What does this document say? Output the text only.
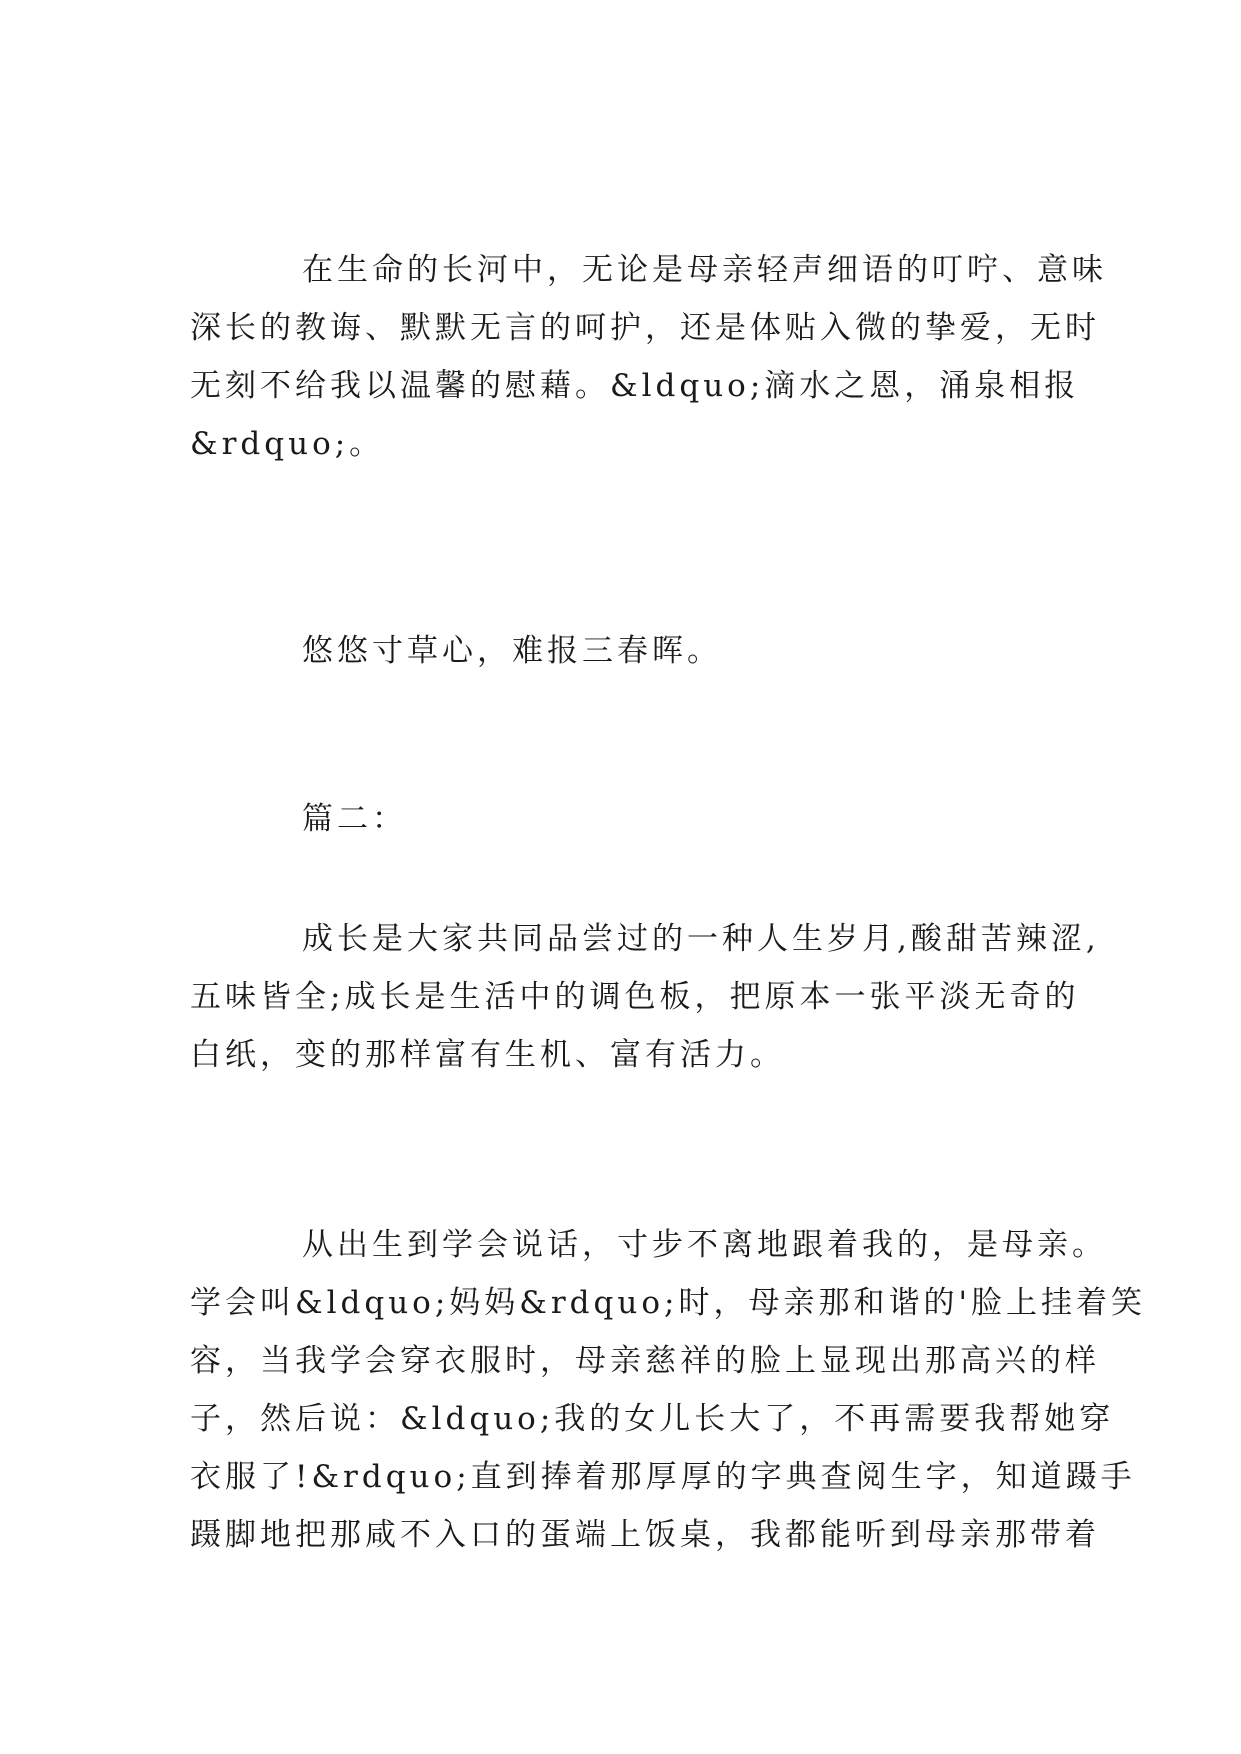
在生命的长河中，无论是母亲轻声细语的叮咛、意味
深长的教诲、默默无言的呵护，还是体贴入微的挚爱，无时
无刻不给我以温馨的慰藉。&ldquo;滴水之恩，涌泉相报
&rdquo;。

悠悠寸草心，难报三春晖。

篇二：

成长是大家共同品尝过的一种人生岁月,酸甜苦辣涩,
五味皆全;成长是生活中的调色板，把原本一张平淡无奇的
白纸，变的那样富有生机、富有活力。

从出生到学会说话，寸步不离地跟着我的，是母亲。
学会叫&ldquo;妈妈&rdquo;时，母亲那和谐的'脸上挂着笑
容，当我学会穿衣服时，母亲慈祥的脸上显现出那高兴的样
子，然后说：&ldquo;我的女儿长大了，不再需要我帮她穿
衣服了!&rdquo;直到捧着那厚厚的字典查阅生字，知道蹑手
蹑脚地把那咸不入口的蛋端上饭桌，我都能听到母亲那带着
